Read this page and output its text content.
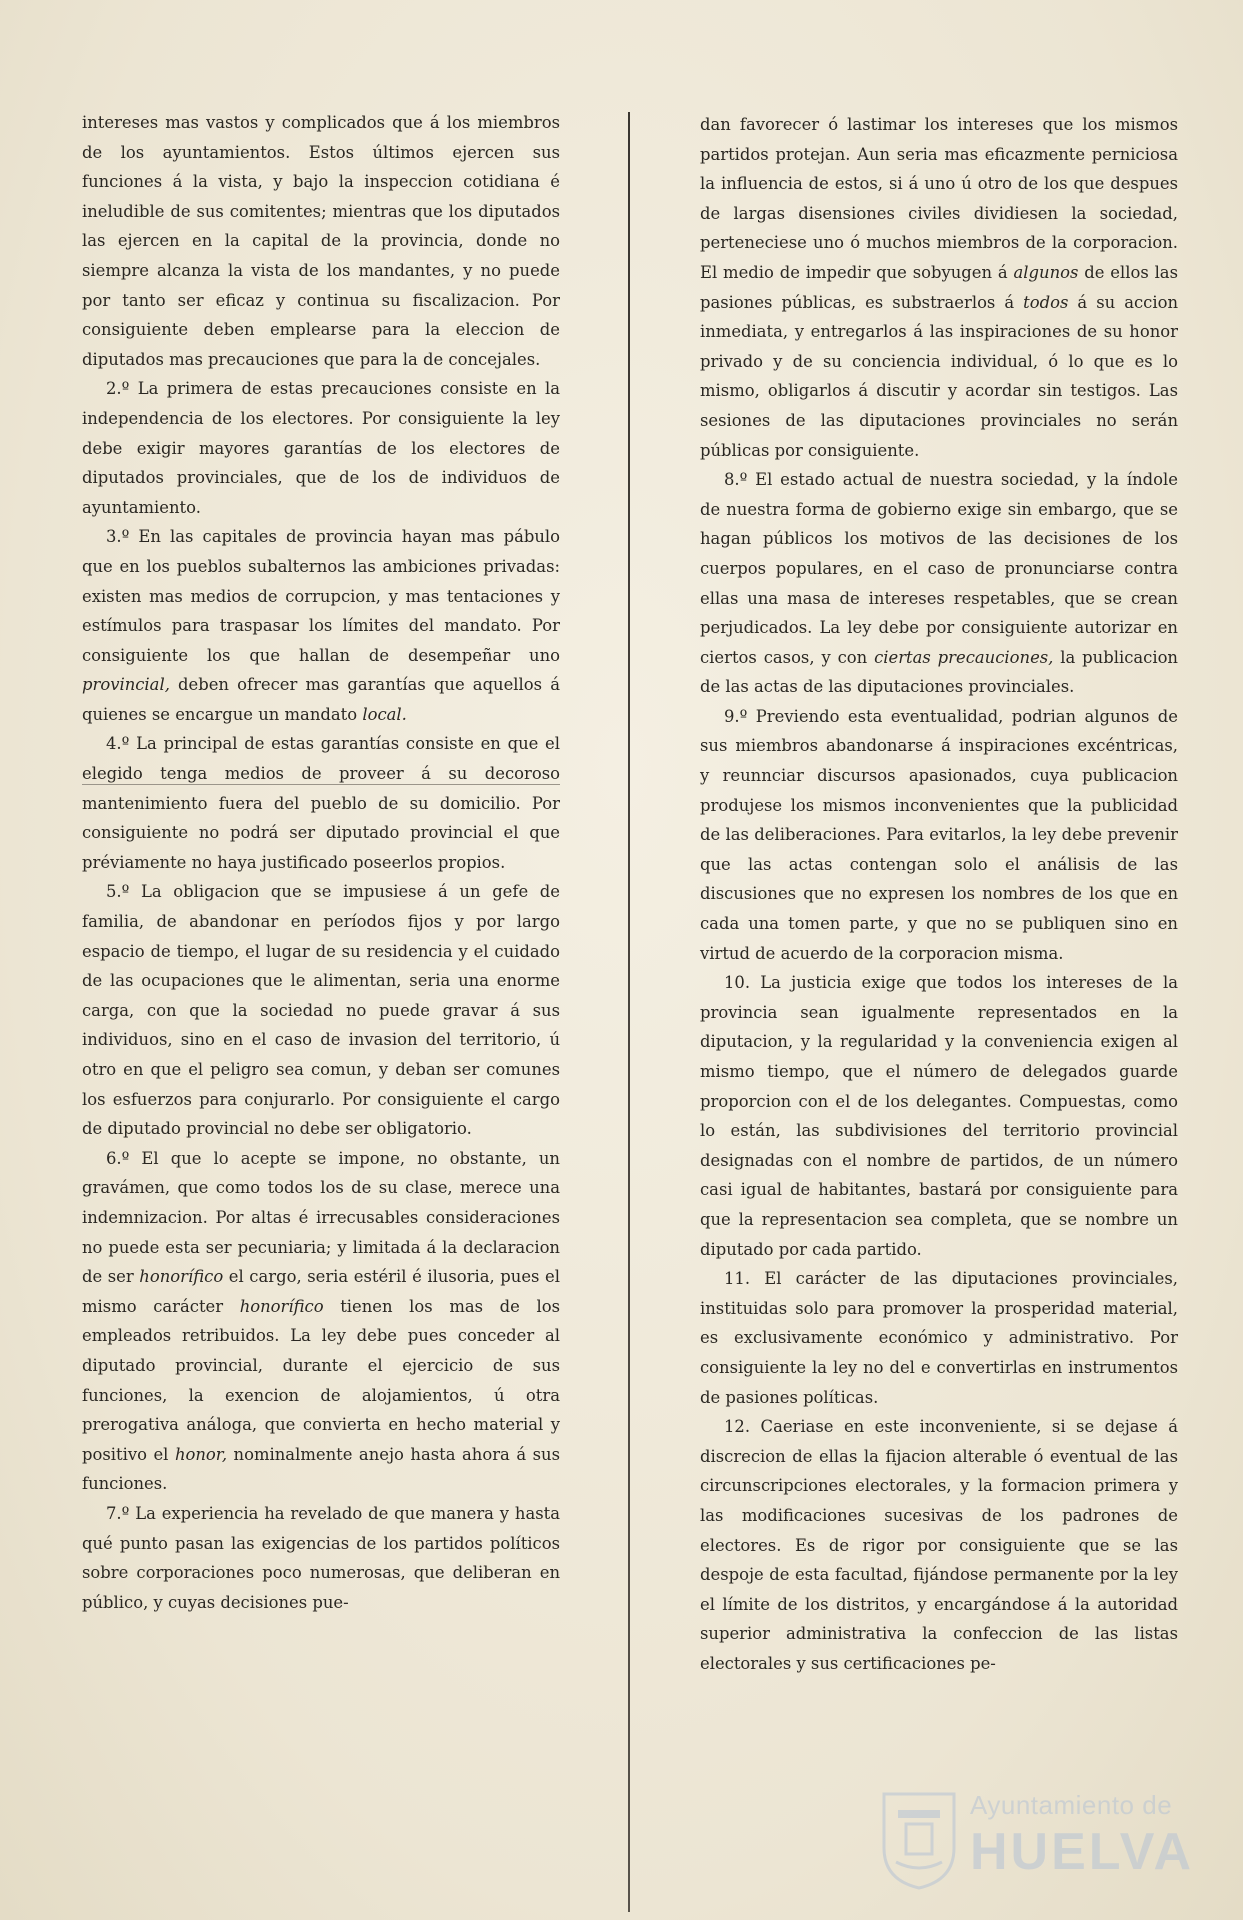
intereses mas vastos y complicados que á los miembros de los ayuntamientos. Estos últimos ejercen sus funciones á la vista, y bajo la inspeccion cotidiana é ineludible de sus comitentes; mientras que los diputados las ejercen en la capital de la provincia, donde no siempre alcanza la vista de los mandantes, y no puede por tanto ser eficaz y continua su fiscalizacion. Por consiguiente deben emplearse para la eleccion de diputados mas precauciones que para la de concejales.

2.º La primera de estas precauciones consiste en la independencia de los electores. Por consiguiente la ley debe exigir mayores garantías de los electores de diputados provinciales, que de los de individuos de ayuntamiento.

3.º En las capitales de provincia hayan mas pábulo que en los pueblos subalternos las ambiciones privadas: existen mas medios de corrupcion, y mas tentaciones y estímulos para traspasar los límites del mandato. Por consiguiente los que hallan de desempeñar uno provincial, deben ofrecer mas garantías que aquellos á quienes se encargue un mandato local.

4.º La principal de estas garantías consiste en que el elegido tenga medios de proveer á su decoroso mantenimiento fuera del pueblo de su domicilio. Por consiguiente no podrá ser diputado provincial el que préviamente no haya justificado poseerlos propios.

5.º La obligacion que se impusiese á un gefe de familia, de abandonar en períodos fijos y por largo espacio de tiempo, el lugar de su residencia y el cuidado de las ocupaciones que le alimentan, seria una enorme carga, con que la sociedad no puede gravar á sus individuos, sino en el caso de invasion del territorio, ú otro en que el peligro sea comun, y deban ser comunes los esfuerzos para conjurarlo. Por consiguiente el cargo de diputado provincial no debe ser obligatorio.

6.º El que lo acepte se impone, no obstante, un gravámen, que como todos los de su clase, merece una indemnizacion. Por altas é irrecusables consideraciones no puede esta ser pecuniaria; y limitada á la declaracion de ser honorífico el cargo, seria estéril é ilusoria, pues el mismo carácter honorífico tienen los mas de los empleados retribuidos. La ley debe pues conceder al diputado provincial, durante el ejercicio de sus funciones, la exencion de alojamientos, ú otra prerogativa análoga, que convierta en hecho material y positivo el honor, nominalmente anejo hasta ahora á sus funciones.

7.º La experiencia ha revelado de que manera y hasta qué punto pasan las exigencias de los partidos políticos sobre corporaciones poco numerosas, que deliberan en público, y cuyas decisiones pue-

dan favorecer ó lastimar los intereses que los mismos partidos protejan. Aun seria mas eficazmente perniciosa la influencia de estos, si á uno ú otro de los que despues de largas disensiones civiles dividiesen la sociedad, perteneciese uno ó muchos miembros de la corporacion. El medio de impedir que sobyugen á algunos de ellos las pasiones públicas, es substraerlos á todos á su accion inmediata, y entregarlos á las inspiraciones de su honor privado y de su conciencia individual, ó lo que es lo mismo, obligarlos á discutir y acordar sin testigos. Las sesiones de las diputaciones provinciales no serán públicas por consiguiente.

8.º El estado actual de nuestra sociedad, y la índole de nuestra forma de gobierno exige sin embargo, que se hagan públicos los motivos de las decisiones de los cuerpos populares, en el caso de pronunciarse contra ellas una masa de intereses respetables, que se crean perjudicados. La ley debe por consiguiente autorizar en ciertos casos, y con ciertas precauciones, la publicacion de las actas de las diputaciones provinciales.

9.º Previendo esta eventualidad, podrian algunos de sus miembros abandonarse á inspiraciones excéntricas, y reunnciar discursos apasionados, cuya publicacion produjese los mismos inconvenientes que la publicidad de las deliberaciones. Para evitarlos, la ley debe prevenir que las actas contengan solo el análisis de las discusiones que no expresen los nombres de los que en cada una tomen parte, y que no se publiquen sino en virtud de acuerdo de la corporacion misma.

10. La justicia exige que todos los intereses de la provincia sean igualmente representados en la diputacion, y la regularidad y la conveniencia exigen al mismo tiempo, que el número de delegados guarde proporcion con el de los delegantes. Compuestas, como lo están, las subdivisiones del territorio provincial designadas con el nombre de partidos, de un número casi igual de habitantes, bastará por consiguiente para que la representacion sea completa, que se nombre un diputado por cada partido.

11. El carácter de las diputaciones provinciales, instituidas solo para promover la prosperidad material, es exclusivamente económico y administrativo. Por consiguiente la ley no del e convertirlas en instrumentos de pasiones políticas.

12. Caeriase en este inconveniente, si se dejase á discrecion de ellas la fijacion alterable ó eventual de las circunscripciones electorales, y la formacion primera y las modificaciones sucesivas de los padrones de electores. Es de rigor por consiguiente que se las despoje de esta facultad, fijándose permanente por la ley el límite de los distritos, y encargándose á la autoridad superior administrativa la confeccion de las listas electorales y sus certificaciones pe-

Ayuntamiento de
HUELVA
